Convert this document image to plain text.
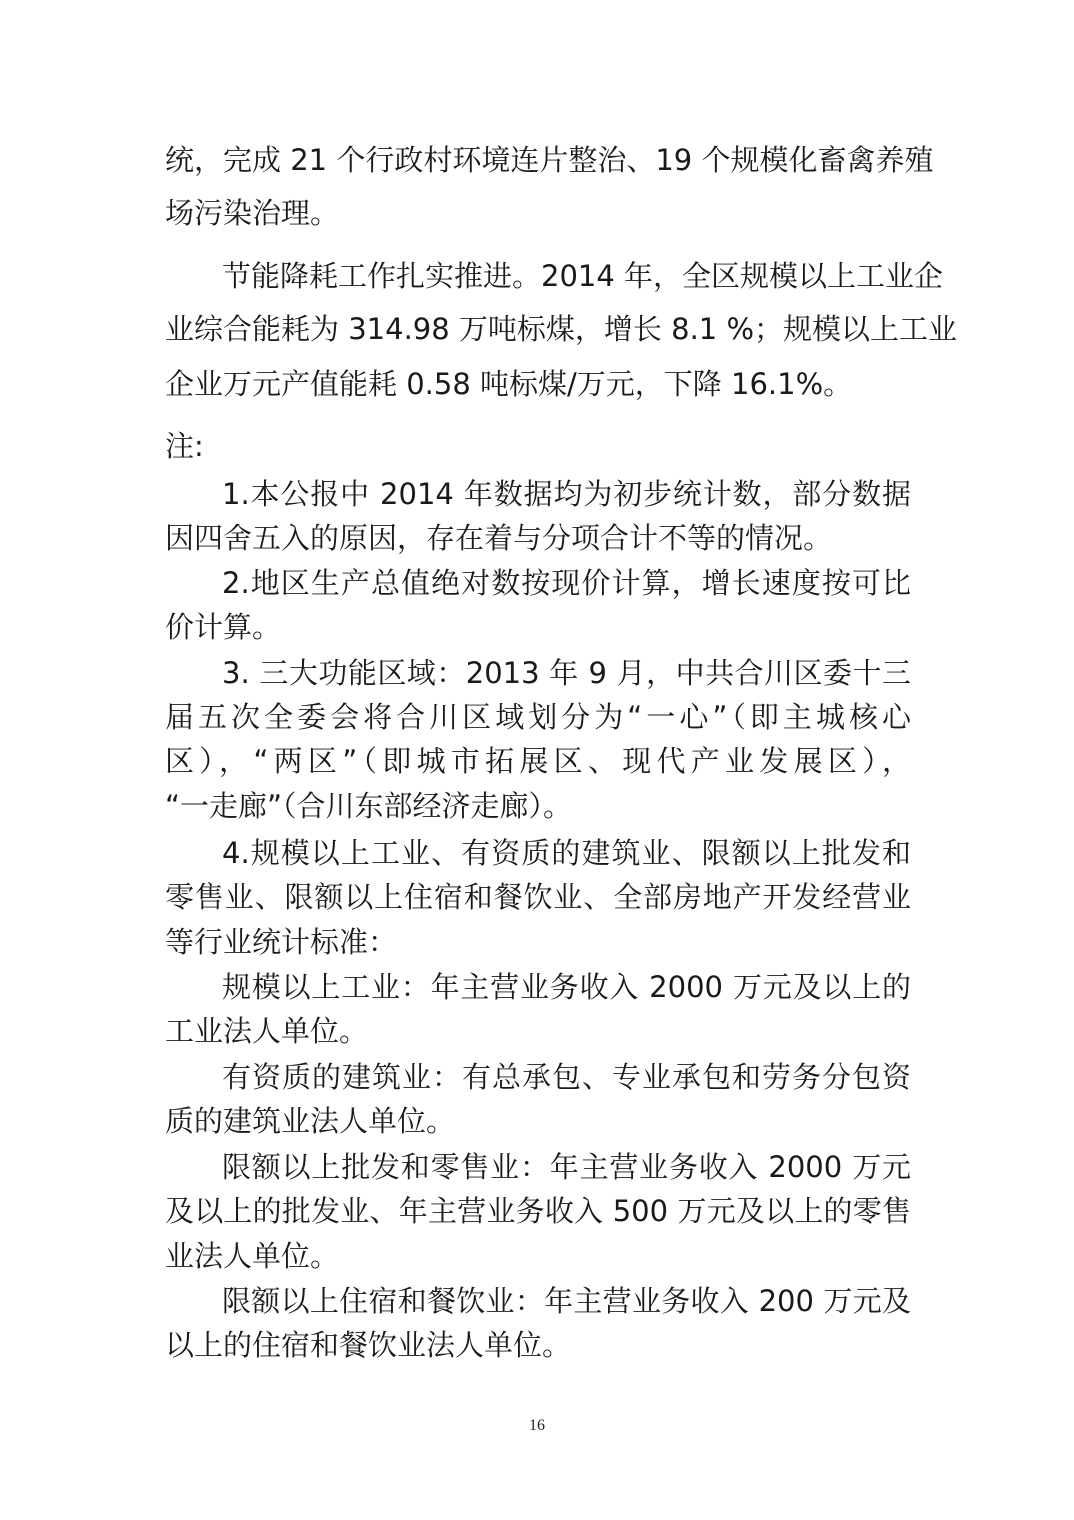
统，完成 21 个行政村环境连片整治、19 个规模化畜禽养殖
场污染治理。
节能降耗工作扎实推进。2014 年，全区规模以上工业企
业综合能耗为 314.98 万吨标煤，增长 8.1 %；规模以上工业
企业万元产值能耗 0.58 吨标煤/万元，下降 16.1%。
注:
1.本公报中 2014 年数据均为初步统计数，部分数据
因四舍五入的原因，存在着与分项合计不等的情况。
2.地区生产总值绝对数按现价计算，增长速度按可比
价计算。
3. 三大功能区域：2013 年 9 月，中共合川区委十三
届五次全委会将合川区域划分为“一心”（即主城核心
区），“两区”（即城市拓展区、现代产业发展区），
“一走廊”（合川东部经济走廊）。
4.规模以上工业、有资质的建筑业、限额以上批发和
零售业、限额以上住宿和餐饮业、全部房地产开发经营业
等行业统计标准：
规模以上工业：年主营业务收入 2000 万元及以上的
工业法人单位。
有资质的建筑业：有总承包、专业承包和劳务分包资
质的建筑业法人单位。
限额以上批发和零售业：年主营业务收入 2000 万元
及以上的批发业、年主营业务收入 500 万元及以上的零售
业法人单位。
限额以上住宿和餐饮业：年主营业务收入 200 万元及
以上的住宿和餐饮业法人单位。
16
